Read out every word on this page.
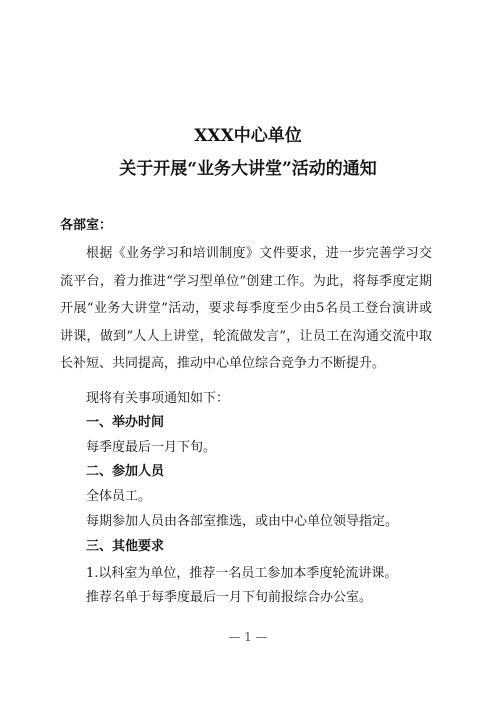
XXX中心单位
关于开展“业务大讲堂”活动的通知
各部室：
根据《业务学习和培训制度》文件要求，进一步完善学习交流平台，着力推进“学习型单位”创建工作。为此，将每季度定期开展“业务大讲堂”活动，要求每季度至少由5名员工登台演讲或讲课，做到“人人上讲堂，轮流做发言”，让员工在沟通交流中取长补短、共同提高，推动中心单位综合竞争力不断提升。
现将有关事项通知如下：
一、举办时间
每季度最后一月下旬。
二、参加人员
全体员工。
每期参加人员由各部室推选，或由中心单位领导指定。
三、其他要求
1.以科室为单位，推荐一名员工参加本季度轮流讲课。
推荐名单于每季度最后一月下旬前报综合办公室。
— 1 —
